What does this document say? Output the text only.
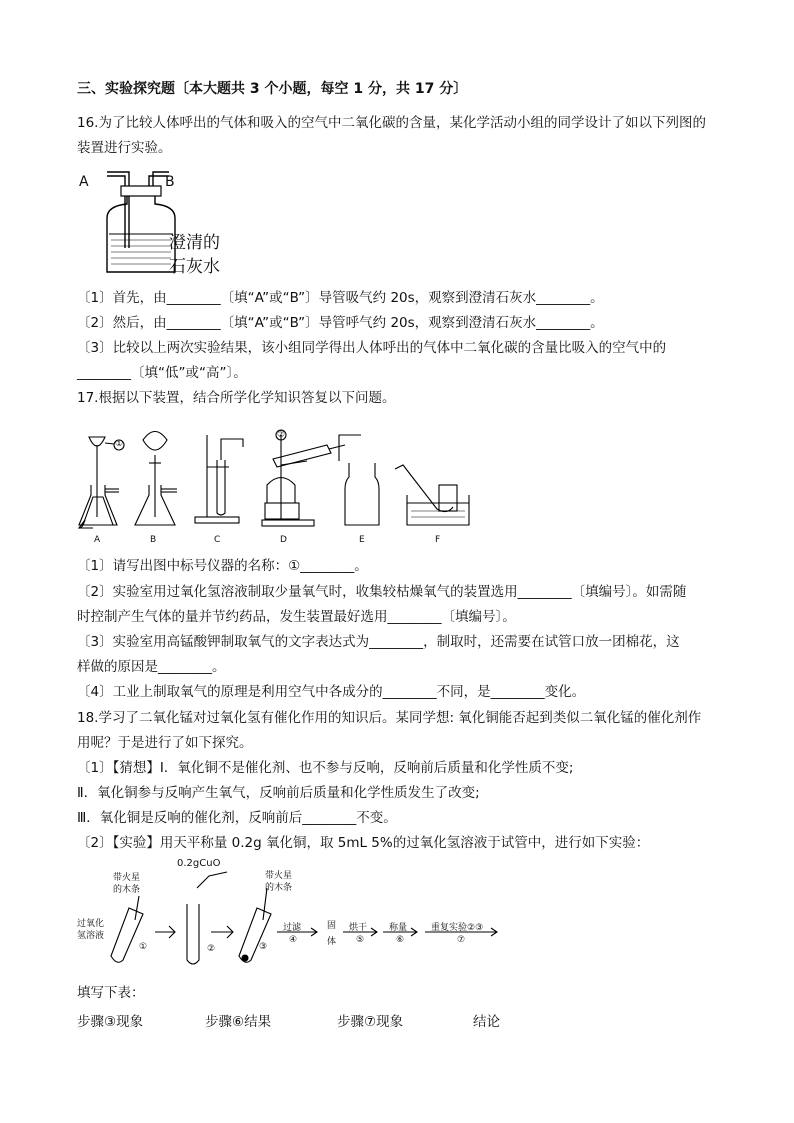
三、实验探究题〔本大题共 3 个小题，每空 1 分，共 17 分〕
16.为了比较人体呼出的气体和吸入的空气中二氧化碳的含量，某化学活动小组的同学设计了如以下列图的
装置进行实验。
A	B
澄清的
石灰水
〔1〕首先，由________〔填“A”或“B”〕导管吸气约 20s，观察到澄清石灰水________。
〔2〕然后，由________〔填“A”或“B”〕导管呼气约 20s，观察到澄清石灰水________。
〔3〕比较以上两次实验结果，该小组同学得出人体呼出的气体中二氧化碳的含量比吸入的空气中的
________〔填“低”或“高”〕。
17.根据以下装置，结合所学化学知识答复以下问题。
A	B	C	D	E	F
①
②
〔1〕请写出图中标号仪器的名称：①________。
〔2〕实验室用过氧化氢溶液制取少量氧气时，收集较枯燥氧气的装置选用________〔填编号〕。如需随
时控制产生气体的量并节约药品，发生装置最好选用________〔填编号〕。
〔3〕实验室用高锰酸钾制取氧气的文字表达式为________，制取时，还需要在试管口放一团棉花，这
样做的原因是________。
〔4〕工业上制取氧气的原理是利用空气中各成分的________不同，是________变化。
18.学习了二氧化锰对过氧化氢有催化作用的知识后。某同学想: 氧化铜能否起到类似二氧化锰的催化剂作
用呢？于是进行了如下探究。
〔1〕【猜想】Ⅰ．氧化铜不是催化剂、也不参与反响，反响前后质量和化学性质不变;
Ⅱ．氧化铜参与反响产生氧气，反响前后质量和化学性质发生了改变;
Ⅲ．氧化铜是反响的催化剂，反响前后________不变。
〔2〕【实验】用天平称量 0.2g 氧化铜，取 5mL 5%的过氧化氢溶液于试管中，进行如下实验：
0.2gCuO
带火星
的木条
带火星
的木条
过氧化
氢溶液
①	②	③
过滤
④
固
体
烘干
⑤
称量
⑥
重复实验②③
⑦
填写下表：
步骤③现象	步骤⑥结果	步骤⑦现象	结论
